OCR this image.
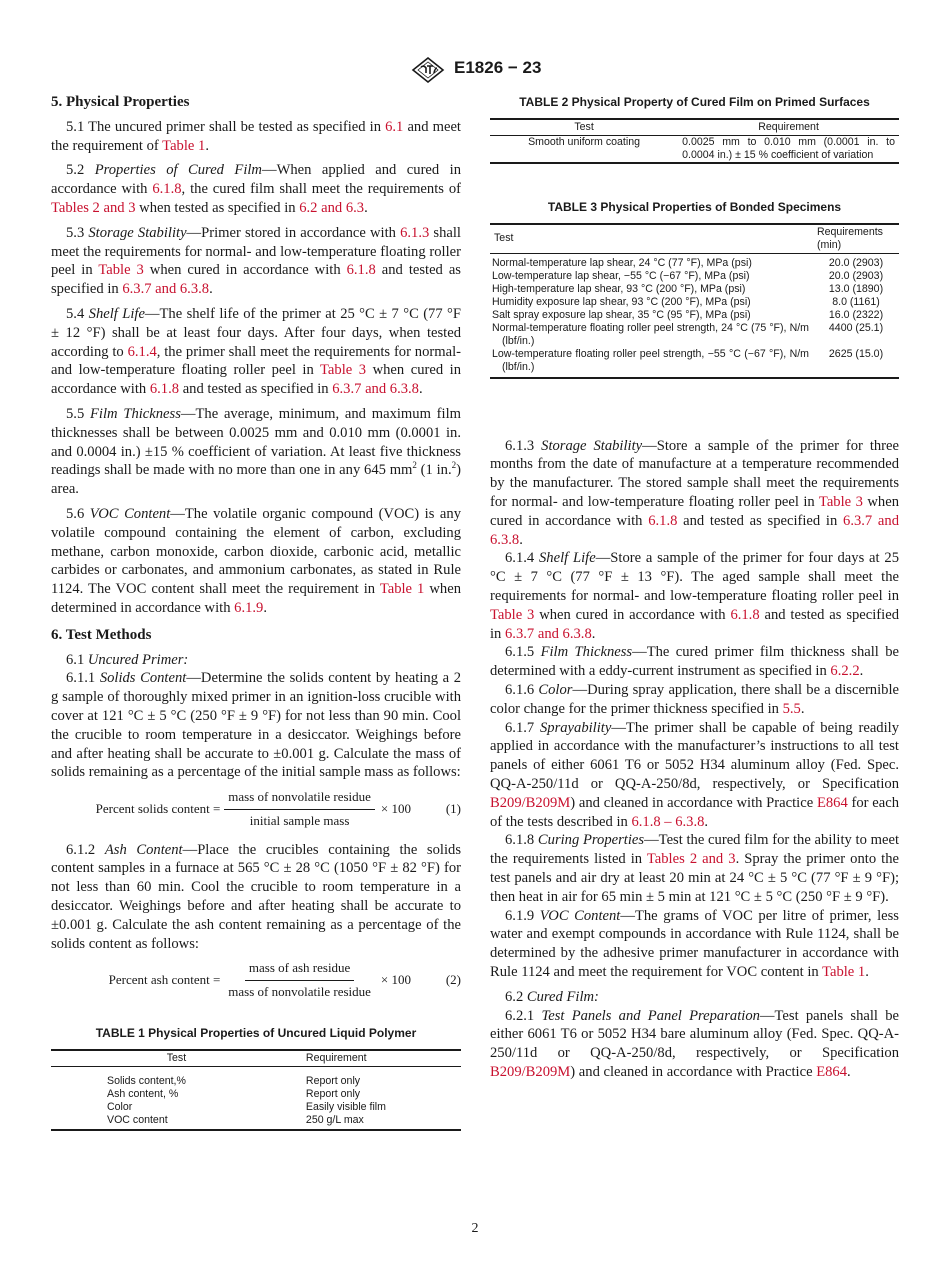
E1826 − 23
5. Physical Properties

5.1 The uncured primer shall be tested as specified in 6.1 and meet the requirement of Table 1.

5.2 Properties of Cured Film—When applied and cured in accordance with 6.1.8, the cured film shall meet the requirements of Tables 2 and 3 when tested as specified in 6.2 and 6.3.

5.3 Storage Stability—Primer stored in accordance with 6.1.3 shall meet the requirements for normal- and low-temperature floating roller peel in Table 3 when cured in accordance with 6.1.8 and tested as specified in 6.3.7 and 6.3.8.

5.4 Shelf Life—The shelf life of the primer at 25 °C ± 7 °C (77 °F ± 12 °F) shall be at least four days. After four days, when tested according to 6.1.4, the primer shall meet the requirements for normal- and low-temperature floating roller peel in Table 3 when cured in accordance with 6.1.8 and tested as specified in 6.3.7 and 6.3.8.

5.5 Film Thickness—The average, minimum, and maximum film thicknesses shall be between 0.0025 mm and 0.010 mm (0.0001 in. and 0.0004 in.) ±15 % coefficient of variation. At least five thickness readings shall be made with no more than one in any 645 $mm^2$ (1 in.$^2$) area.

5.6 VOC Content—The volatile organic compound (VOC) is any volatile compound containing the element of carbon, excluding methane, carbon monoxide, carbon dioxide, carbonic acid, metallic carbides or carbonates, and ammonium carbonates, as stated in Rule 1124. The VOC content shall meet the requirement in Table 1 when determined in accordance with 6.1.9.

6. Test Methods

6.1 Uncured Primer:

6.1.1 Solids Content—Determine the solids content by heating a 2 g sample of thoroughly mixed primer in an ignition-loss crucible with cover at 121 °C ± 5 °C (250 °F ± 9 °F) for not less than 90 min. Cool the crucible to room temperature in a desiccator. Weighings before and after heating shall be accurate to ±0.001 g. Calculate the mass of solids remaining as a percentage of the initial sample mass as follows:

Percent solids content = $\frac{\text{mass of nonvolatile residue}}{\text{initial sample mass}} \times 100$	(1)

6.1.2 Ash Content—Place the crucibles containing the solids content samples in a furnace at 565 °C ± 28 °C (1050 °F ± 82 °F) for not less than 60 min. Cool the crucible to room temperature in a desiccator. Weighings before and after heating shall be accurate to ±0.001 g. Calculate the ash content remaining as a percentage of the solids content as follows:

Percent ash content = $\frac{\text{mass of ash residue}}{\text{mass of nonvolatile residue}} \times 100$	(2)
TABLE 1 Physical Properties of Uncured Liquid Polymer
Test	Requirement
Solids content,%	Report only
Ash content, %	Report only
Color	Easily visible film
VOC content	250 g/L max
TABLE 2 Physical Property of Cured Film on Primed Surfaces
Test	Requirement
Smooth uniform coating	0.0025 mm to 0.010 mm (0.0001 in. to 0.0004 in.) ± 15 % coefficient of variation
TABLE 3 Physical Properties of Bonded Specimens
Test	Requirements (min)
Normal-temperature lap shear, 24 °C (77 °F), MPa (psi)	20.0 (2903)
Low-temperature lap shear, −55 °C (−67 °F), MPa (psi)	20.0 (2903)
High-temperature lap shear, 93 °C (200 °F), MPa (psi)	13.0 (1890)
Humidity exposure lap shear, 93 °C (200 °F), MPa (psi)	8.0 (1161)
Salt spray exposure lap shear, 35 °C (95 °F), MPa (psi)	16.0 (2322)
Normal-temperature floating roller peel strength, 24 °C (75 °F), N/m (lbf/in.)	4400 (25.1)
Low-temperature floating roller peel strength, −55 °C (−67 °F), N/m (lbf/in.)	2625 (15.0)

6.1.3 Storage Stability—Store a sample of the primer for three months from the date of manufacture at a temperature recommended by the manufacturer. The stored sample shall meet the requirements for normal- and low-temperature floating roller peel in Table 3 when cured in accordance with 6.1.8 and tested as specified in 6.3.7 and 6.3.8.

6.1.4 Shelf Life—Store a sample of the primer for four days at 25 °C ± 7 °C (77 °F ± 13 °F). The aged sample shall meet the requirements for normal- and low-temperature floating roller peel in Table 3 when cured in accordance with 6.1.8 and tested as specified in 6.3.7 and 6.3.8.

6.1.5 Film Thickness—The cured primer film thickness shall be determined with a eddy-current instrument as specified in 6.2.2.

6.1.6 Color—During spray application, there shall be a discernible color change for the primer thickness specified in 5.5.

6.1.7 Sprayability—The primer shall be capable of being readily applied in accordance with the manufacturer’s instructions to all test panels of either 6061 T6 or 5052 H34 aluminum alloy (Fed. Spec. QQ-A-250/11d or QQ-A-250/8d, respectively, or Specification B209/B209M) and cleaned in accordance with Practice E864 for each of the tests described in 6.1.8 – 6.3.8.

6.1.8 Curing Properties—Test the cured film for the ability to meet the requirements listed in Tables 2 and 3. Spray the primer onto the test panels and air dry at least 20 min at 24 °C ± 5 °C (77 °F ± 9 °F); then heat in air for 65 min ± 5 min at 121 °C ± 5 °C (250 °F ± 9 °F).

6.1.9 VOC Content—The grams of VOC per litre of primer, less water and exempt compounds in accordance with Rule 1124, shall be determined by the adhesive primer manufacturer in accordance with Rule 1124 and meet the requirement for VOC content in Table 1.

6.2 Cured Film:

6.2.1 Test Panels and Panel Preparation—Test panels shall be either 6061 T6 or 5052 H34 bare aluminum alloy (Fed. Spec. QQ-A-250/11d or QQ-A-250/8d, respectively, or Specification B209/B209M) and cleaned in accordance with Practice E864.

2
